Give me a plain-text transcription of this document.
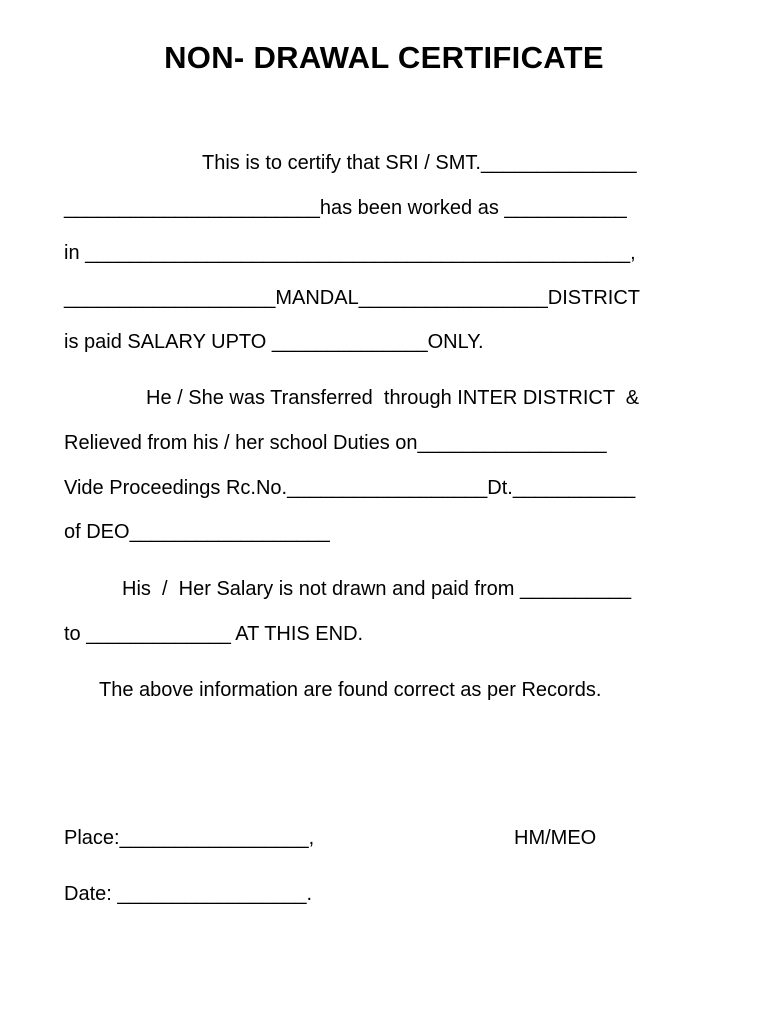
NON- DRAWAL CERTIFICATE
This is to certify that SRI / SMT.______________
_______________________has been worked as ___________
in _________________________________________________,
___________________MANDAL_________________DISTRICT
is paid SALARY UPTO ______________ONLY.
He / She was Transferred  through INTER DISTRICT  &
Relieved from his / her school Duties on_________________
Vide Proceedings Rc.No.__________________Dt.___________
of DEO__________________
His  /  Her Salary is not drawn and paid from __________
to _____________ AT THIS END.
The above information are found correct as per Records.
Place:_________________,	HM/MEO
Date: _________________.
